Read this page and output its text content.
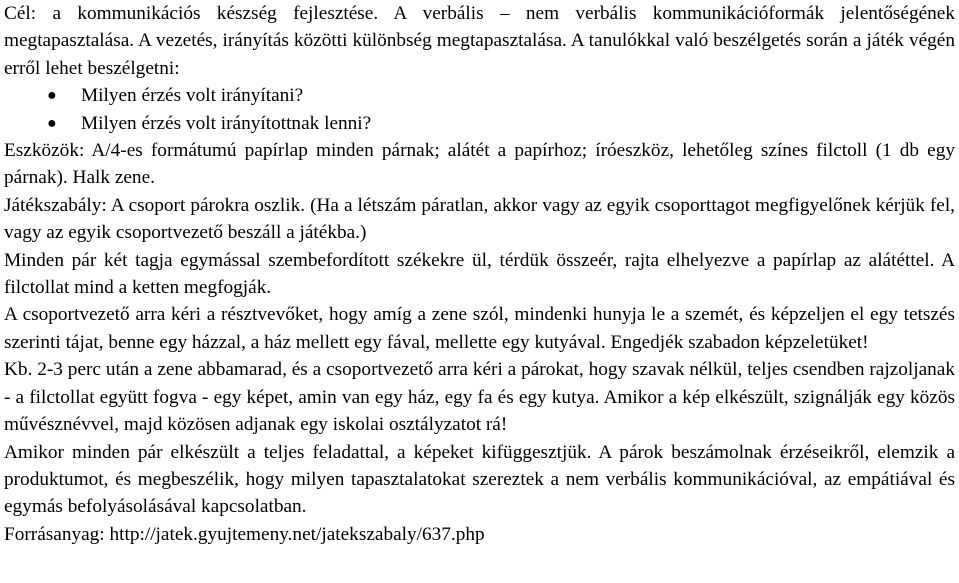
Cél: a kommunikációs készség fejlesztése. A verbális – nem verbális kommunikációformák jelentőségének megtapasztalása. A vezetés, irányítás közötti különbség megtapasztalása. A tanulókkal való beszélgetés során a játék végén erről lehet beszélgetni:

● Milyen érzés volt irányítani?
● Milyen érzés volt irányítottnak lenni?

Eszközök: A/4-es formátumú papírlap minden párnak; alátét a papírhoz; íróeszköz, lehetőleg színes filctoll (1 db egy párnak). Halk zene.

Játékszabály: A csoport párokra oszlik. (Ha a létszám páratlan, akkor vagy az egyik csoporttagot megfigyelőnek kérjük fel, vagy az egyik csoportvezető beszáll a játékba.)

Minden pár két tagja egymással szembefordított székekre ül, térdük összeér, rajta elhelyezve a papírlap az alátéttel. A filctollat mind a ketten megfogják.

A csoportvezető arra kéri a résztvevőket, hogy amíg a zene szól, mindenki hunyja le a szemét, és képzeljen el egy tetszés szerinti tájat, benne egy házzal, a ház mellett egy fával, mellette egy kutyával. Engedjék szabadon képzeletüket!

Kb. 2-3 perc után a zene abbamarad, és a csoportvezető arra kéri a párokat, hogy szavak nélkül, teljes csendben rajzoljanak - a filctollat együtt fogva - egy képet, amin van egy ház, egy fa és egy kutya. Amikor a kép elkészült, szignálják egy közös művésznévvel, majd közösen adjanak egy iskolai osztályzatot rá!

Amikor minden pár elkészült a teljes feladattal, a képeket kifüggesztjük. A párok beszámolnak érzéseikről, elemzik a produktumot, és megbeszélik, hogy milyen tapasztalatokat szereztek a nem verbális kommunikációval, az empátiával és egymás befolyásolásával kapcsolatban.

Forrásanyag: http://jatek.gyujtemeny.net/jatekszabaly/637.php
